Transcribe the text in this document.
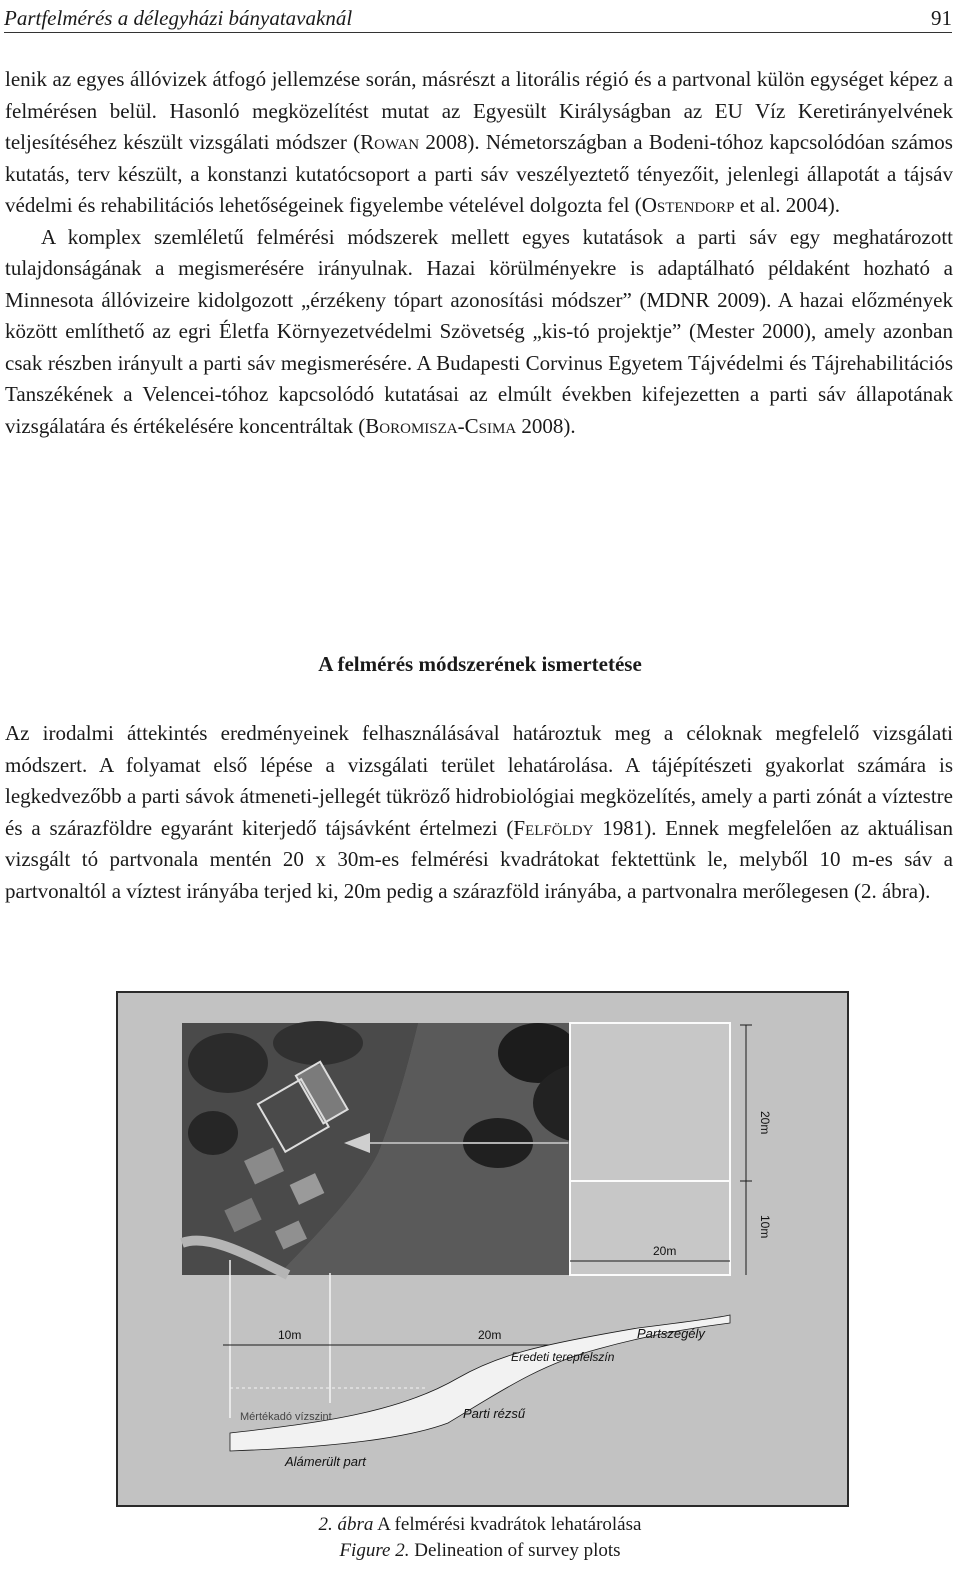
Partfelmérés a délegyházi bányatavaknál	91

lenik az egyes állóvizek átfogó jellemzése során, másrészt a litorális régió és a partvonal külön egységet képez a felmérésen belül. Hasonló megközelítést mutat az Egyesült Királyságban az EU Víz Keretirányelvének teljesítéséhez készült vizsgálati módszer (Rowan 2008). Németországban a Bodeni-tóhoz kapcsolódóan számos kutatás, terv készült, a konstanzi kutatócsoport a parti sáv veszélyeztető tényezőit, jelenlegi állapotát a tájsáv védelmi és rehabilitációs lehetőségeinek figyelembe vételével dolgozta fel (Ostendorp et al. 2004).

A komplex szemléletű felmérési módszerek mellett egyes kutatások a parti sáv egy meghatározott tulajdonságának a megismerésére irányulnak. Hazai körülményekre is adaptálható példaként hozható a Minnesota állóvizeire kidolgozott „érzékeny tópart azonosítási módszer” (MDNR 2009). A hazai előzmények között említhető az egri Életfa Környezetvédelmi Szövetség „kis-tó projektje” (Mester 2000), amely azonban csak részben irányult a parti sáv megismerésére. A Budapesti Corvinus Egyetem Tájvédelmi és Tájrehabilitációs Tanszékének a Velencei-tóhoz kapcsolódó kutatásai az elmúlt években kifejezetten a parti sáv állapotának vizsgálatára és értékelésére koncentráltak (Boromisza-Csima 2008).

A felmérés módszerének ismertetése

Az irodalmi áttekintés eredményeinek felhasználásával határoztuk meg a céloknak megfelelő vizsgálati módszert. A folyamat első lépése a vizsgálati terület lehatárolása. A tájépítészeti gyakorlat számára is legkedvezőbb a parti sávok átmeneti-jellegét tükröző hidrobiológiai megközelítés, amely a parti zónát a víztestre és a szárazföldre egyaránt kiterjedő tájsávként értelmezi (Felföldy 1981). Ennek megfelelően az aktuálisan vizsgált tó partvonala mentén 20 x 30m-es felmérési kvadrátokat fektettünk le, melyből 10 m-es sáv a partvonaltól a víztest irányába terjed ki, 20m pedig a szárazföld irányába, a partvonalra merőlegesen (2. ábra).

20m
10m
20m
10m	20m
Mértékadó vízszint	Parti rézsű
Eredeti terepfelszín
Partszegély
Alámerült part
2. ábra A felmérési kvadrátok lehatárolása
Figure 2. Delineation of survey plots
